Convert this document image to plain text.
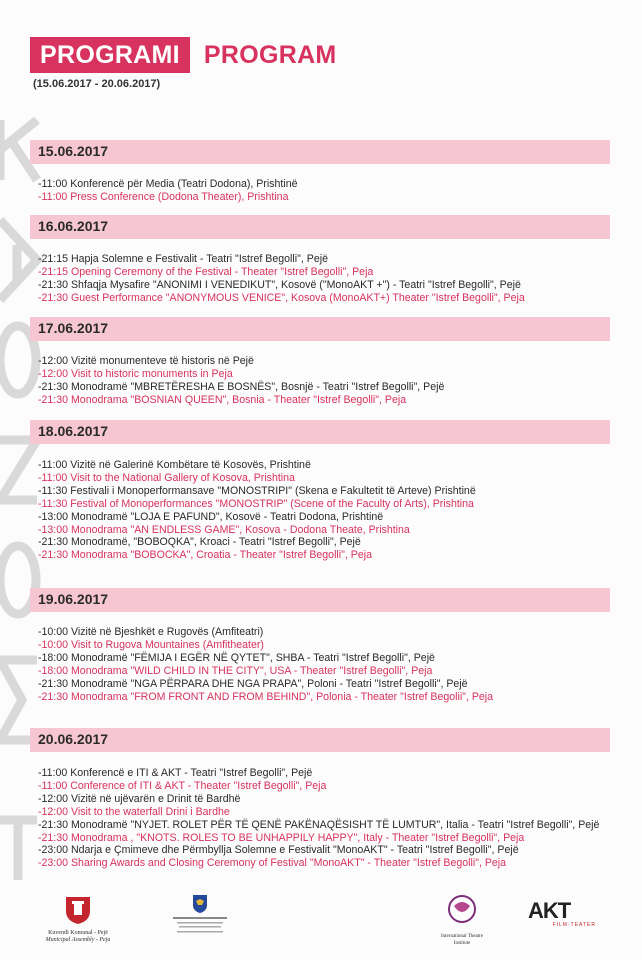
PROGRAMI PROGRAM
(15.06.2017 - 20.06.2017)
15.06.2017
-11:00 Konferencë për Media (Teatri Dodona), Prishtinë
-11:00 Press Conference (Dodona Theater), Prishtina
16.06.2017
-21:15 Hapja Solemne e Festivalit - Teatri "Istref Begolli", Pejë
-21:15 Opening Ceremony of the Festival - Theater "Istref Begolli", Peja
-21:30 Shfaqja Mysafire "ANONIMI I VENEDIKUT", Kosovë ("MonoAKT +") - Teatri "Istref Begolli", Pejë
-21:30 Guest Performance "ANONYMOUS VENICE", Kosova (MonoAKT+) Theater "Istref Begolli", Peja
17.06.2017
-12:00 Vizitë monumenteve të historis në Pejë
-12:00 Visit to historic monuments in Peja
-21:30 Monodramë "MBRETËRESHA E BOSNËS", Bosnjë - Teatri "Istref Begolli", Pejë
-21:30 Monodrama "BOSNIAN QUEEN", Bosnia - Theater "Istref Begolli", Peja
18.06.2017
-11:00 Vizitë në Galerinë Kombëtare të Kosovës, Prishtinë
-11:00 Visit to the National Gallery of Kosova, Prishtina
-11:30 Festivali i Monoperformansave "MONOSTRIPI" (Skena e Fakultetit të Arteve) Prishtinë
-11:30 Festival of Monoperformances "MONOSTRIP" (Scene of the Faculty of Arts), Prishtina
-13:00 Monodramë "LOJA E PAFUND", Kosovë - Teatri Dodona, Prishtinë
-13:00 Monodrama "AN ENDLESS GAME", Kosova - Dodona Theate, Prishtina
-21:30 Monodramë, "BOBOQKA", Kroaci - Teatri "Istref Begolli", Pejë
-21:30 Monodrama "BOBOCKA", Croatia - Theater "Istref Begolli", Peja
19.06.2017
-10:00 Vizitë në Bjeshkët e Rugovës (Amfiteatri)
-10:00 Visit to Rugova Mountaines (Amfitheater)
-18:00 Monodramë "FËMIJA I EGËR NË QYTET", SHBA - Teatri "Istref Begolli", Pejë
-18:00 Monodrama "WILD CHILD IN THE CITY", USA - Theater "Istref Begolli", Peja
-21:30 Monodramë "NGA PËRPARA DHE NGA PRAPA", Poloni - Teatri "Istref Begolli", Pejë
-21:30 Monodrama "FROM FRONT AND FROM BEHIND", Polonia - Theater "Istref Begolii", Peja
20.06.2017
-11:00 Konferencë e ITI & AKT - Teatri "Istref Begolli", Pejë
-11:00 Conference of ITI & AKT - Theater "Istref Begolli", Peja
-12:00 Vizitë në ujëvarën e Drinit të Bardhë
-12:00 Visit to the waterfall Drini i Bardhe
-21:30 Monodramë "NYJET. ROLET PËR TË QENË PAKËNAQËSISHT TË LUMTUR", Italia - Teatri "Istref Begolli", Pejë
-21:30 Monodrama , "KNOTS. ROLES TO BE UNHAPPILY HAPPY", Italy - Theater "Istref Begolli", Peja
-23:00 Ndarja e Çmimeve dhe Përmbyllja Solemne e Festivalit "MonoAKT" - Teatri "Istref Begolli", Pejë
-23:00 Sharing Awards and Closing Ceremony of Festival "MonoAKT" - Theater "Istref Begolli", Peja
Kuvendi Komunal - Pejë
Municipal Assembly - Peja
International Theatre Institute
AKT
FILM·TEATER
